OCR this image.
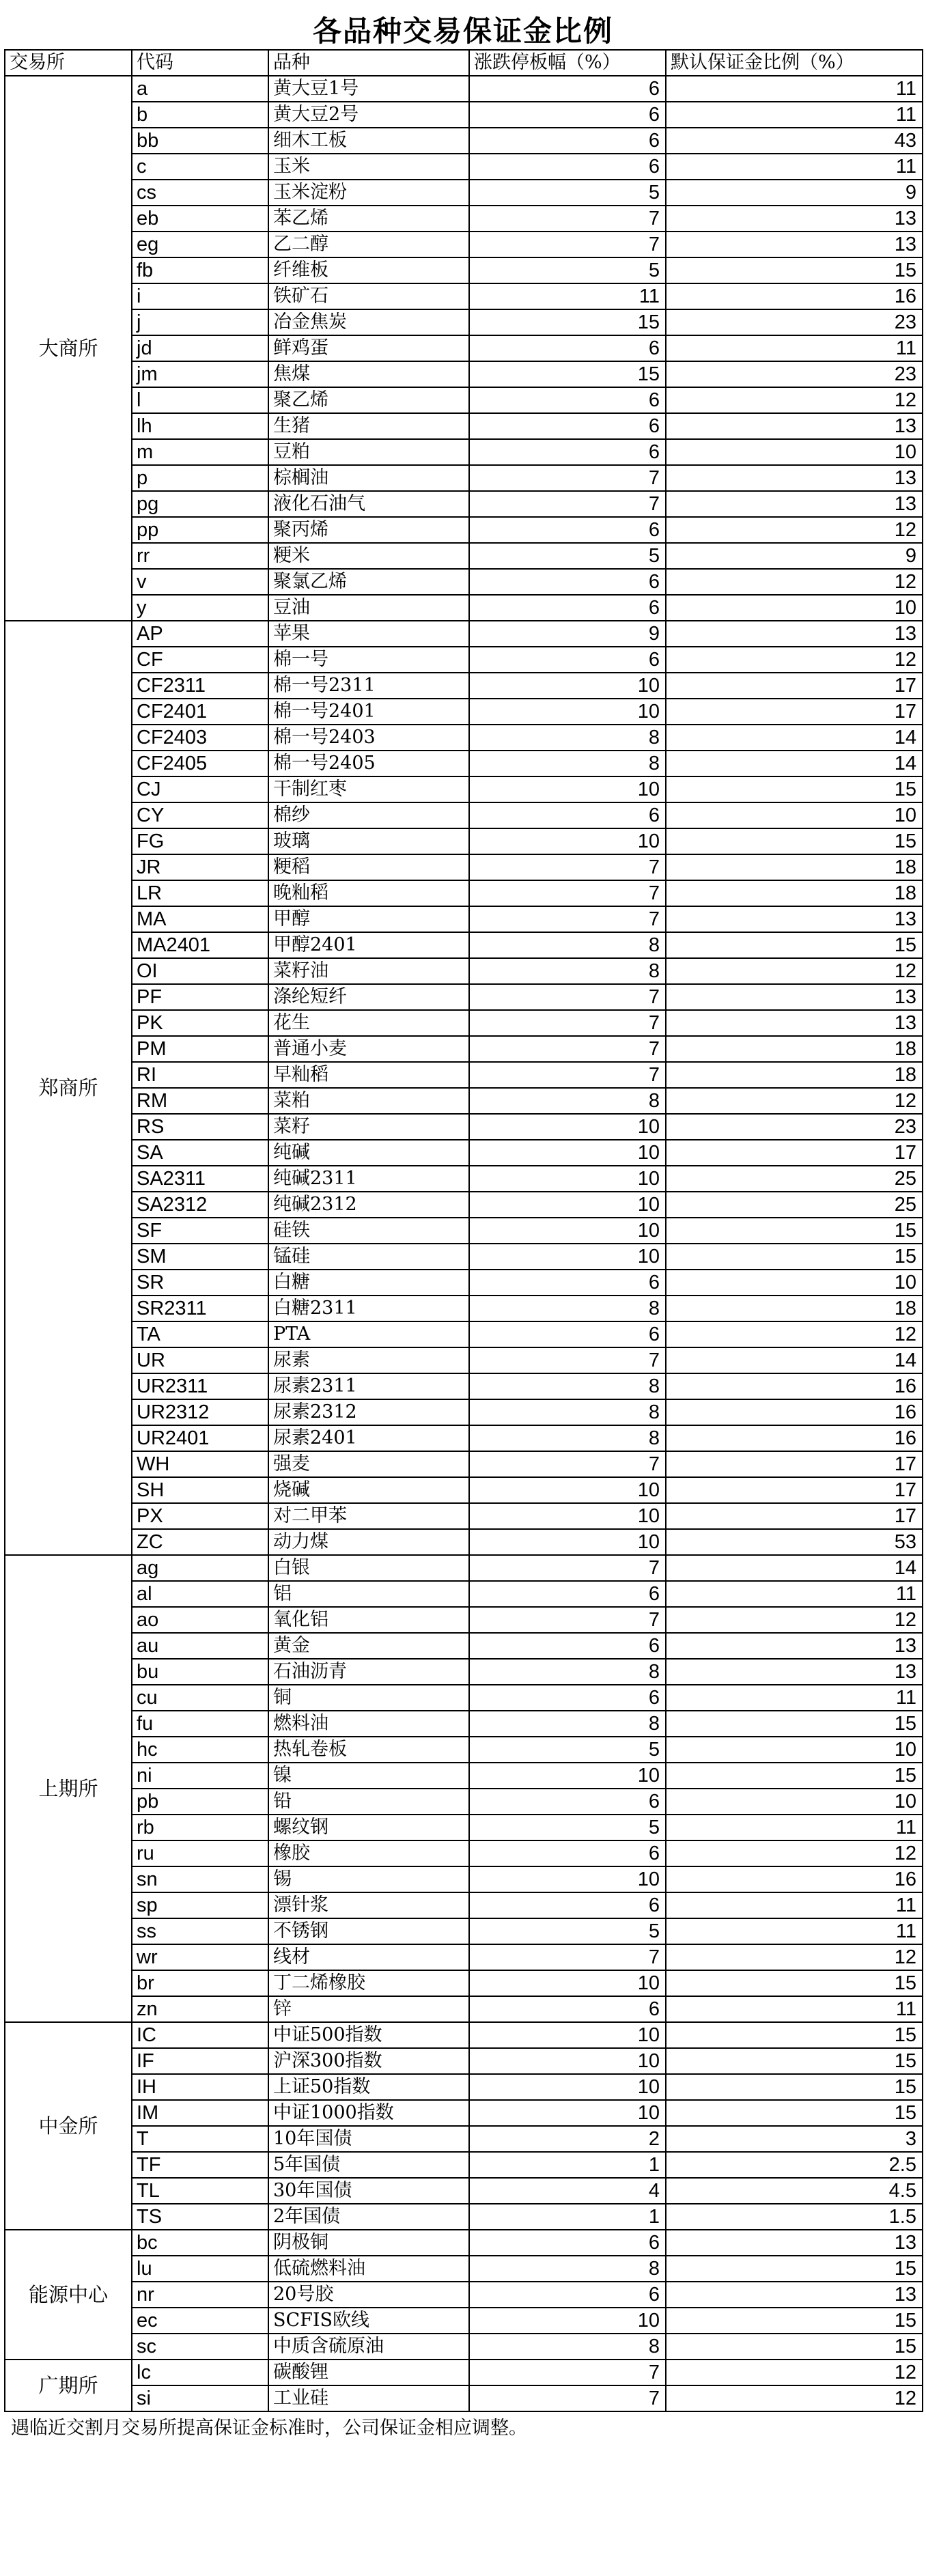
各品种交易保证金比例
交易所	代码	品种	涨跌停板幅（%）	默认保证金比例（%）
大商所	a	黄大豆1号	6	11
	b	黄大豆2号	6	11
	bb	细木工板	6	43
	c	玉米	6	11
	cs	玉米淀粉	5	9
	eb	苯乙烯	7	13
	eg	乙二醇	7	13
	fb	纤维板	5	15
	i	铁矿石	11	16
	j	冶金焦炭	15	23
	jd	鲜鸡蛋	6	11
	jm	焦煤	15	23
	l	聚乙烯	6	12
	lh	生猪	6	13
	m	豆粕	6	10
	p	棕榈油	7	13
	pg	液化石油气	7	13
	pp	聚丙烯	6	12
	rr	粳米	5	9
	v	聚氯乙烯	6	12
	y	豆油	6	10
郑商所	AP	苹果	9	13
	CF	棉一号	6	12
	CF2311	棉一号2311	10	17
	CF2401	棉一号2401	10	17
	CF2403	棉一号2403	8	14
	CF2405	棉一号2405	8	14
	CJ	干制红枣	10	15
	CY	棉纱	6	10
	FG	玻璃	10	15
	JR	粳稻	7	18
	LR	晚籼稻	7	18
	MA	甲醇	7	13
	MA2401	甲醇2401	8	15
	OI	菜籽油	8	12
	PF	涤纶短纤	7	13
	PK	花生	7	13
	PM	普通小麦	7	18
	RI	早籼稻	7	18
	RM	菜粕	8	12
	RS	菜籽	10	23
	SA	纯碱	10	17
	SA2311	纯碱2311	10	25
	SA2312	纯碱2312	10	25
	SF	硅铁	10	15
	SM	锰硅	10	15
	SR	白糖	6	10
	SR2311	白糖2311	8	18
	TA	PTA	6	12
	UR	尿素	7	14
	UR2311	尿素2311	8	16
	UR2312	尿素2312	8	16
	UR2401	尿素2401	8	16
	WH	强麦	7	17
	SH	烧碱	10	17
	PX	对二甲苯	10	17
	ZC	动力煤	10	53
上期所	ag	白银	7	14
	al	铝	6	11
	ao	氧化铝	7	12
	au	黄金	6	13
	bu	石油沥青	8	13
	cu	铜	6	11
	fu	燃料油	8	15
	hc	热轧卷板	5	10
	ni	镍	10	15
	pb	铅	6	10
	rb	螺纹钢	5	11
	ru	橡胶	6	12
	sn	锡	10	16
	sp	漂针浆	6	11
	ss	不锈钢	5	11
	wr	线材	7	12
	br	丁二烯橡胶	10	15
	zn	锌	6	11
中金所	IC	中证500指数	10	15
	IF	沪深300指数	10	15
	IH	上证50指数	10	15
	IM	中证1000指数	10	15
	T	10年国债	2	3
	TF	5年国债	1	2.5
	TL	30年国债	4	4.5
	TS	2年国债	1	1.5
能源中心	bc	阴极铜	6	13
	lu	低硫燃料油	8	15
	nr	20号胶	6	13
	ec	SCFIS欧线	10	15
	sc	中质含硫原油	8	15
广期所	lc	碳酸锂	7	12
	si	工业硅	7	12
遇临近交割月交易所提高保证金标准时，公司保证金相应调整。
